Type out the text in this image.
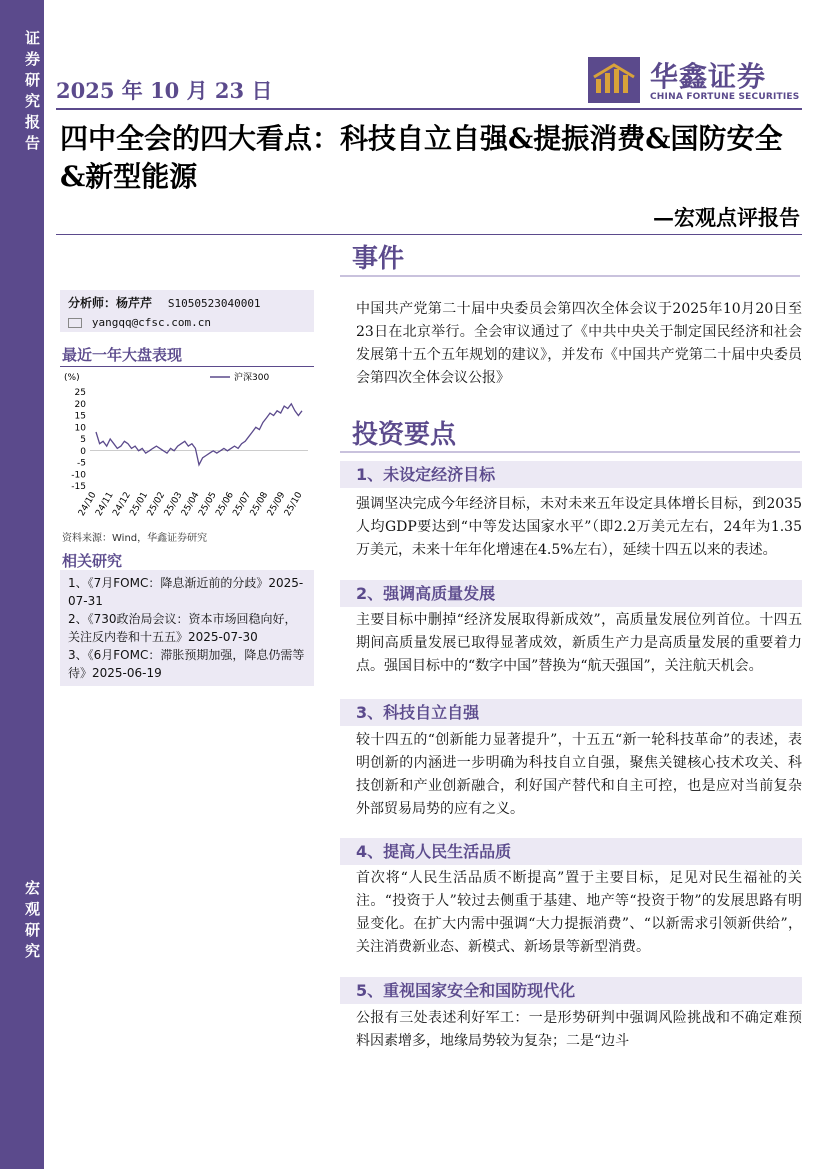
证券研究报告
宏观研究
2025 年 10 月 23 日	华鑫证券
CHINA FORTUNE SECURITIES
四中全会的四大看点：科技自立自强&提振消费&国防安全&新型能源
—宏观点评报告
分析师：杨芹芹 S1050523040001
yangqq@cfsc.com.cn
最近一年大盘表现
(%)	沪深300
25
20
15
10
5
0
-5
-10
-15
24/10
24/11
24/12
25/01
25/02
25/03
25/04
25/05
25/06
25/07
25/08
25/09
25/10
资料来源：Wind，华鑫证券研究
相关研究
1、《7月FOMC：降息渐近前的分歧》2025-07-31
2、《730政治局会议：资本市场回稳向好，关注反内卷和十五五》2025-07-30
3、《6月FOMC：滞胀预期加强，降息仍需等待》2025-06-19
事件

中国共产党第二十届中央委员会第四次全体会议于2025年10月20日至23日在北京举行。全会审议通过了《中共中央关于制定国民经济和社会发展第十五个五年规划的建议》，并发布《中国共产党第二十届中央委员会第四次全体会议公报》

投资要点
1、未设定经济目标

强调坚决完成今年经济目标，未对未来五年设定具体增长目标，到2035人均GDP要达到“中等发达国家水平”（即2.2万美元左右，24年为1.35万美元，未来十年年化增速在4.5%左右），延续十四五以来的表述。

2、强调高质量发展

主要目标中删掉“经济发展取得新成效”，高质量发展位列首位。十四五期间高质量发展已取得显著成效，新质生产力是高质量发展的重要着力点。强国目标中的“数字中国”替换为“航天强国”，关注航天机会。

3、科技自立自强

较十四五的“创新能力显著提升”，十五五“新一轮科技革命”的表述，表明创新的内涵进一步明确为科技自立自强，聚焦关键核心技术攻关、科技创新和产业创新融合，利好国产替代和自主可控，也是应对当前复杂外部贸易局势的应有之义。

4、提高人民生活品质

首次将“人民生活品质不断提高”置于主要目标，足见对民生福祉的关注。“投资于人”较过去侧重于基建、地产等“投资于物”的发展思路有明显变化。在扩大内需中强调“大力提振消费”、“以新需求引领新供给”，关注消费新业态、新模式、新场景等新型消费。

5、重视国家安全和国防现代化

公报有三处表述利好军工：一是形势研判中强调风险挑战和不确定难预料因素增多，地缘局势较为复杂；二是“边斗
